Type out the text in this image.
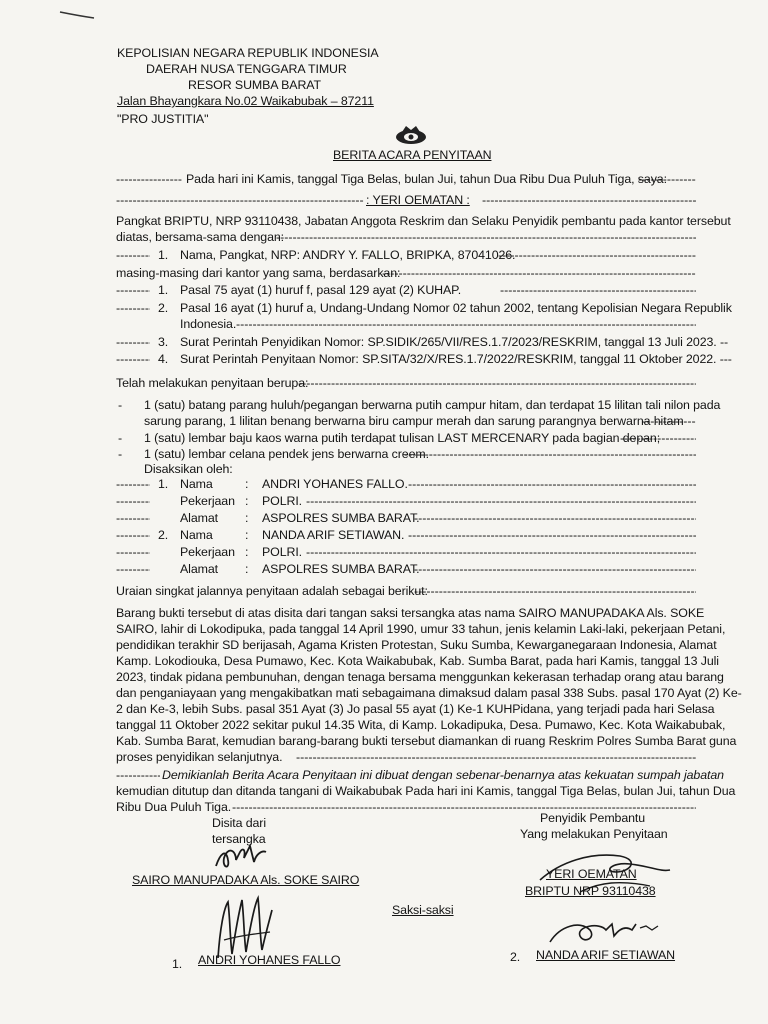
KEPOLISIAN NEGARA REPUBLIK INDONESIA
DAERAH NUSA TENGGARA TIMUR
RESOR SUMBA BARAT
Jalan Bhayangkara No.02 Waikabubak – 87211
"PRO JUSTITIA"
BERITA ACARA PENYITAAN
-----
Pada hari ini Kamis, tanggal Tiga Belas, bulan Jui, tahun Dua Ribu Dua Puluh Tiga, saya:
-----
-----
: YERI OEMATAN :
-----
Pangkat BRIPTU, NRP 93110438, Jabatan Anggota Reskrim dan Selaku Penyidik pembantu pada kantor tersebut
diatas, bersama-sama dengan:
-----
-----
1. Nama, Pangkat, NRP: ANDRY Y. FALLO, BRIPKA, 87041026.
-----
masing-masing dari kantor yang sama, berdasarkan:
-----
-----
1. Pasal 75 ayat (1) huruf f, pasal 129 ayat (2) KUHAP.
-----
-----
2. Pasal 16 ayat (1) huruf a, Undang-Undang Nomor 02 tahun 2002, tentang Kepolisian Negara Republik
Indonesia.
-----
-----
3. Surat Perintah Penyidikan Nomor: SP.SIDIK/265/VII/RES.1.7/2023/RESKRIM, tanggal 13 Juli 2023. --
-----
4. Surat Perintah Penyitaan Nomor: SP.SITA/32/X/RES.1.7/2022/RESKRIM, tanggal 11 Oktober 2022. ---
Telah melakukan penyitaan berupa:
-----
- 1 (satu) batang parang huluh/pegangan berwarna putih campur hitam, dan terdapat 15 lilitan tali nilon pada
sarung parang, 1 lilitan benang berwarna biru campur merah dan sarung parangnya berwarna hitam
-----
- 1 (satu) lembar baju kaos warna putih terdapat tulisan LAST MERCENARY pada bagian depan;
-----
- 1 (satu) lembar celana pendek jens berwarna creem.
-----
Disaksikan oleh:
-----
1. Nama	: ANDRI YOHANES FALLO.
-----
-----
Pekerjaan : POLRI.
-----
-----
Alamat : ASPOLRES SUMBA BARAT.
-----
-----
2. Nama	: NANDA ARIF SETIAWAN.
-----
-----
Pekerjaan : POLRI.
-----
-----
Alamat : ASPOLRES SUMBA BARAT.
-----
Uraian singkat jalannya penyitaan adalah sebagai berikut:
-----
Barang bukti tersebut di atas disita dari tangan saksi tersangka atas nama SAIRO MANUPADAKA Als. SOKE
SAIRO, lahir di Lokodipuka, pada tanggal 14 April 1990, umur 33 tahun, jenis kelamin Laki-laki, pekerjaan Petani,
pendidikan terakhir SD berijasah, Agama Kristen Protestan, Suku Sumba, Kewarganegaraan Indonesia, Alamat
Kamp. Lokodiouka, Desa Pumawo, Kec. Kota Waikabubak, Kab. Sumba Barat, pada hari Kamis, tanggal 13 Juli
2023, tindak pidana pembunuhan, dengan tenaga bersama menggunkan kekerasan terhadap orang atau barang
dan penganiayaan yang mengakibatkan mati sebagaimana dimaksud dalam pasal 338 Subs. pasal 170 Ayat (2) Ke-
2 dan Ke-3, lebih Subs. pasal 351 Ayat (3) Jo pasal 55 ayat (1) Ke-1 KUHPidana, yang terjadi pada hari Selasa
tanggal 11 Oktober 2022 sekitar pukul 14.35 Wita, di Kamp. Lokadipuka, Desa. Pumawo, Kec. Kota Waikabubak,
Kab. Sumba Barat, kemudian barang-barang bukti tersebut diamankan di ruang Reskrim Polres Sumba Barat guna
proses penyidikan selanjutnya.
-----
-----
Demikianlah Berita Acara Penyitaan ini dibuat dengan sebenar-benarnya atas kekuatan sumpah jabatan
kemudian ditutup dan ditanda tangani di Waikabubak Pada hari ini Kamis, tanggal Tiga Belas, bulan Jui, tahun Dua
Ribu Dua Puluh Tiga.
-----
Disita dari
tersangka
SAIRO MANUPADAKA Als. SOKE SAIRO
Penyidik Pembantu
Yang melakukan Penyitaan
YERI OEMATAN
BRIPTU NRP 93110438
Saksi-saksi
1. ANDRI YOHANES FALLO	2. NANDA ARIF SETIAWAN
